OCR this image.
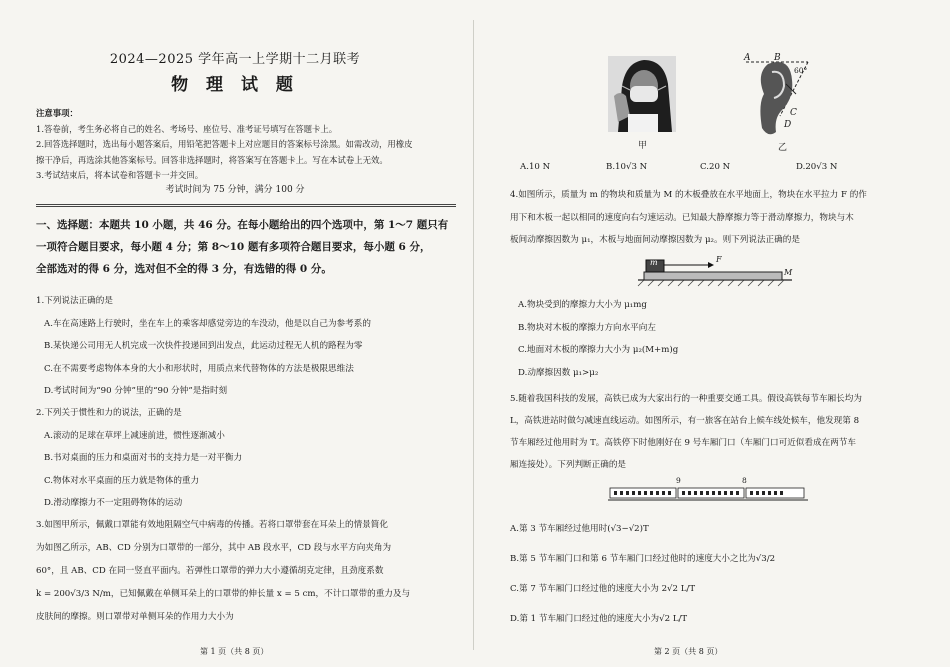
2024—2025 学年高一上学期十二月联考
物 理 试 题
注意事项：
1.答卷前，考生务必将自己的姓名、考场号、座位号、准考证号填写在答题卡上。
2.回答选择题时，选出每小题答案后，用铅笔把答题卡上对应题目的答案标号涂黑。如需改动，用橡皮
擦干净后，再选涂其他答案标号。回答非选择题时，将答案写在答题卡上。写在本试卷上无效。
3.考试结束后，将本试卷和答题卡一并交回。
考试时间为 75 分钟，满分 100 分
一、选择题：本题共 10 小题，共 46 分。在每小题给出的四个选项中，第 1～7 题只有
一项符合题目要求，每小题 4 分；第 8～10 题有多项符合题目要求，每小题 6 分，
全部选对的得 6 分，选对但不全的得 3 分，有选错的得 0 分。
1.下列说法正确的是
A.车在高速路上行驶时，坐在车上的乘客却感觉旁边的车没动，他是以自己为参考系的
B.某快递公司用无人机完成一次快件投递回到出发点，此运动过程无人机的路程为零
C.在不需要考虑物体本身的大小和形状时，用质点来代替物体的方法是极限思维法
D.考试时间为“90 分钟”里的“90 分钟”是指时刻
2.下列关于惯性和力的说法，正确的是
A.滚动的足球在草坪上减速前进，惯性逐渐减小
B.书对桌面的压力和桌面对书的支持力是一对平衡力
C.物体对水平桌面的压力就是物体的重力
D.滑动摩擦力不一定阻碍物体的运动
3.如图甲所示，佩戴口罩能有效地阻隔空气中病毒的传播。若将口罩带套在耳朵上的情景简化
为如图乙所示，AB、CD 分别为口罩带的一部分，其中 AB 段水平，CD 段与水平方向夹角为
60°，且 AB、CD 在同一竖直平面内。若弹性口罩带的弹力大小遵循胡克定律，且劲度系数
k = 200√3/3 N/m，已知佩戴在单侧耳朵上的口罩带的伸长量 x = 5 cm，不计口罩带的重力及与
皮肤间的摩擦。则口罩带对单侧耳朵的作用力大小为
第 1 页（共 8 页）
甲
A	B
60°
C
D
乙
A.10 N	B.10√3 N	C.20 N	D.20√3 N
4.如图所示，质量为 m 的物块和质量为 M 的木板叠放在水平地面上，物块在水平拉力 F 的作
用下和木板一起以相同的速度向右匀速运动。已知最大静摩擦力等于滑动摩擦力，物块与木
板间动摩擦因数为 μ₁，木板与地面间动摩擦因数为 μ₂。则下列说法正确的是
m	F
M
A.物块受到的摩擦力大小为 μ₁mg
B.物块对木板的摩擦力方向水平向左
C.地面对木板的摩擦力大小为 μ₂(M+m)g
D.动摩擦因数 μ₁>μ₂
5.随着我国科技的发展，高铁已成为大家出行的一种重要交通工具。假设高铁每节车厢长均为
L，高铁进站时做匀减速直线运动。如图所示，有一旅客在站台上候车线处候车，他发现第 8
节车厢经过他用时为 T。高铁停下时他刚好在 9 号车厢门口（车厢门口可近似看成在两节车
厢连接处）。下列判断正确的是
9	8
A.第 3 节车厢经过他用时(√3−√2)T
B.第 5 节车厢门口和第 6 节车厢门口经过他时的速度大小之比为√3/2
C.第 7 节车厢门口经过他的速度大小为 2√2 L/T
D.第 1 节车厢门口经过他的速度大小为√2 L/T
第 2 页（共 8 页）
